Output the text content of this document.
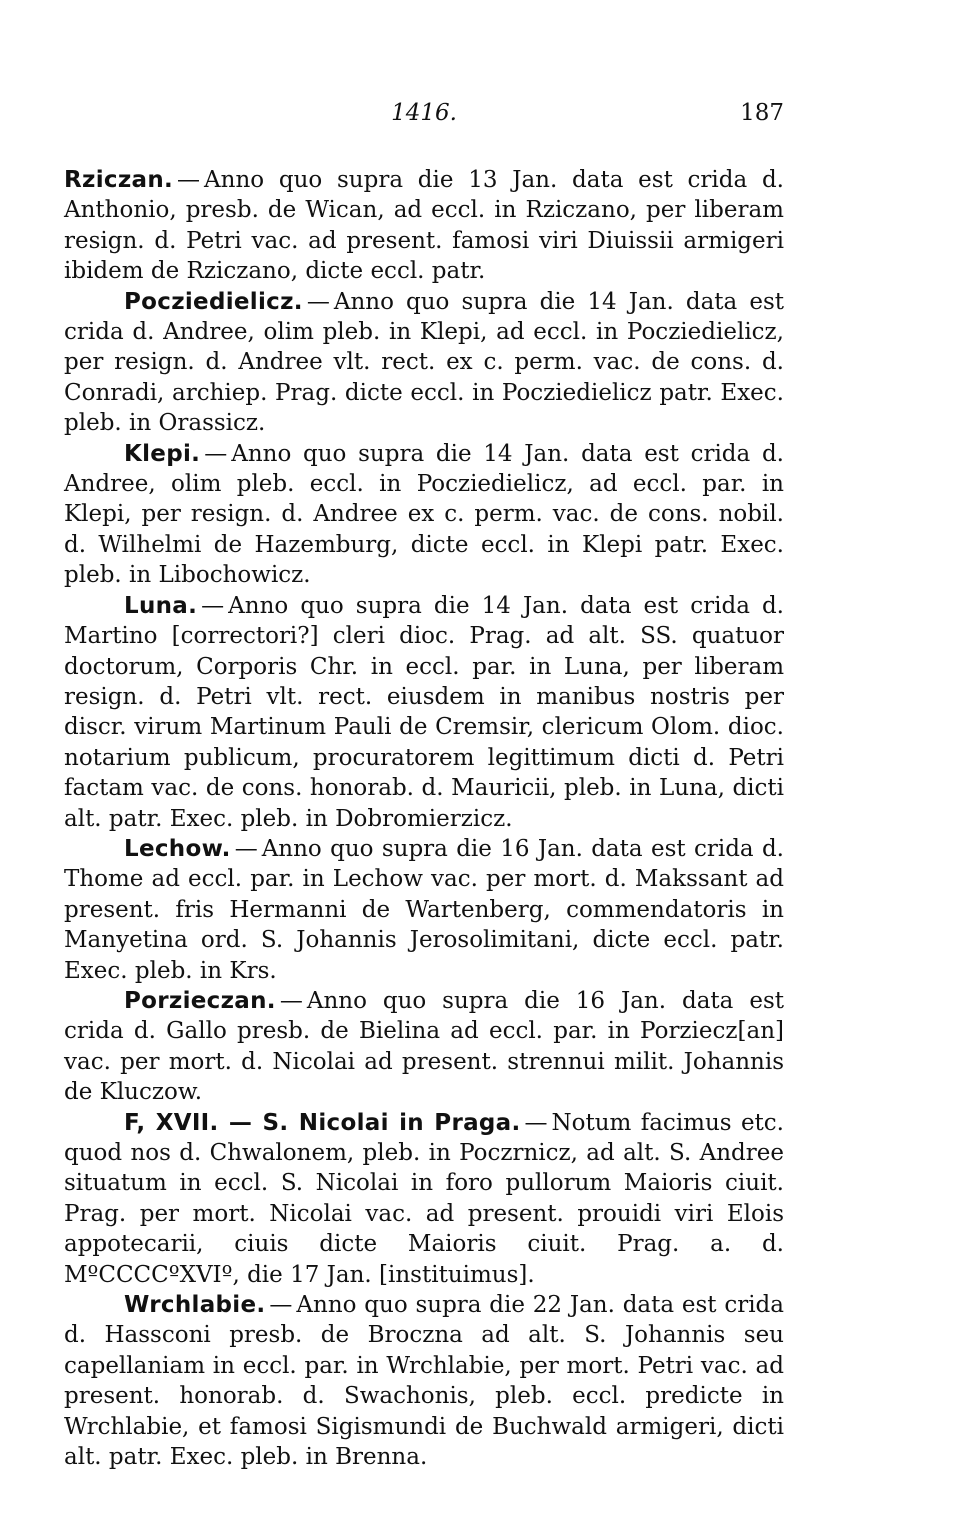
1416.	187

Rziczan. — Anno quo supra die 13 Jan. data est crida d. Anthonio, presb. de Wican, ad eccl. in Rziczano, per liberam resign. d. Petri vac. ad present. famosi viri Diuissii armigeri ibidem de Rziczano, dicte eccl. patr.

Pocziedielicz. — Anno quo supra die 14 Jan. data est crida d. Andree, olim pleb. in Klepi, ad eccl. in Pocziedielicz, per resign. d. Andree vlt. rect. ex c. perm. vac. de cons. d. Conradi, archiep. Prag. dicte eccl. in Pocziedielicz patr. Exec. pleb. in Orassicz.

Klepi. — Anno quo supra die 14 Jan. data est crida d. Andree, olim pleb. eccl. in Pocziedielicz, ad eccl. par. in Klepi, per resign. d. Andree ex c. perm. vac. de cons. nobil. d. Wilhelmi de Hazemburg, dicte eccl. in Klepi patr. Exec. pleb. in Libochowicz.

Luna. — Anno quo supra die 14 Jan. data est crida d. Martino [correctori?] cleri dioc. Prag. ad alt. SS. quatuor doctorum, Corporis Chr. in eccl. par. in Luna, per liberam resign. d. Petri vlt. rect. eiusdem in manibus nostris per discr. virum Martinum Pauli de Cremsir, clericum Olom. dioc. notarium publicum, procuratorem legittimum dicti d. Petri factam vac. de cons. honorab. d. Mauricii, pleb. in Luna, dicti alt. patr. Exec. pleb. in Dobromierzicz.

Lechow. — Anno quo supra die 16 Jan. data est crida d. Thome ad eccl. par. in Lechow vac. per mort. d. Makssant ad present. fris Hermanni de Wartenberg, commendatoris in Manyetina ord. S. Johannis Jerosolimitani, dicte eccl. patr. Exec. pleb. in Krs.

Porzieczan. — Anno quo supra die 16 Jan. data est crida d. Gallo presb. de Bielina ad eccl. par. in Porziecz[an] vac. per mort. d. Nicolai ad present. strennui milit. Johannis de Kluczow.

F, XVII. — S. Nicolai in Praga. — Notum facimus etc. quod nos d. Chwalonem, pleb. in Poczrnicz, ad alt. S. Andree situatum in eccl. S. Nicolai in foro pullorum Maioris ciuit. Prag. per mort. Nicolai vac. ad present. prouidi viri Elois appotecarii, ciuis dicte Maioris ciuit. Prag. a. d. MºCCCCºXVIº, die 17 Jan. [instituimus].

Wrchlabie. — Anno quo supra die 22 Jan. data est crida d. Hassconi presb. de Broczna ad alt. S. Johannis seu capellaniam in eccl. par. in Wrchlabie, per mort. Petri vac. ad present. honorab. d. Swachonis, pleb. eccl. predicte in Wrchlabie, et famosi Sigismundi de Buchwald armigeri, dicti alt. patr. Exec. pleb. in Brenna.
